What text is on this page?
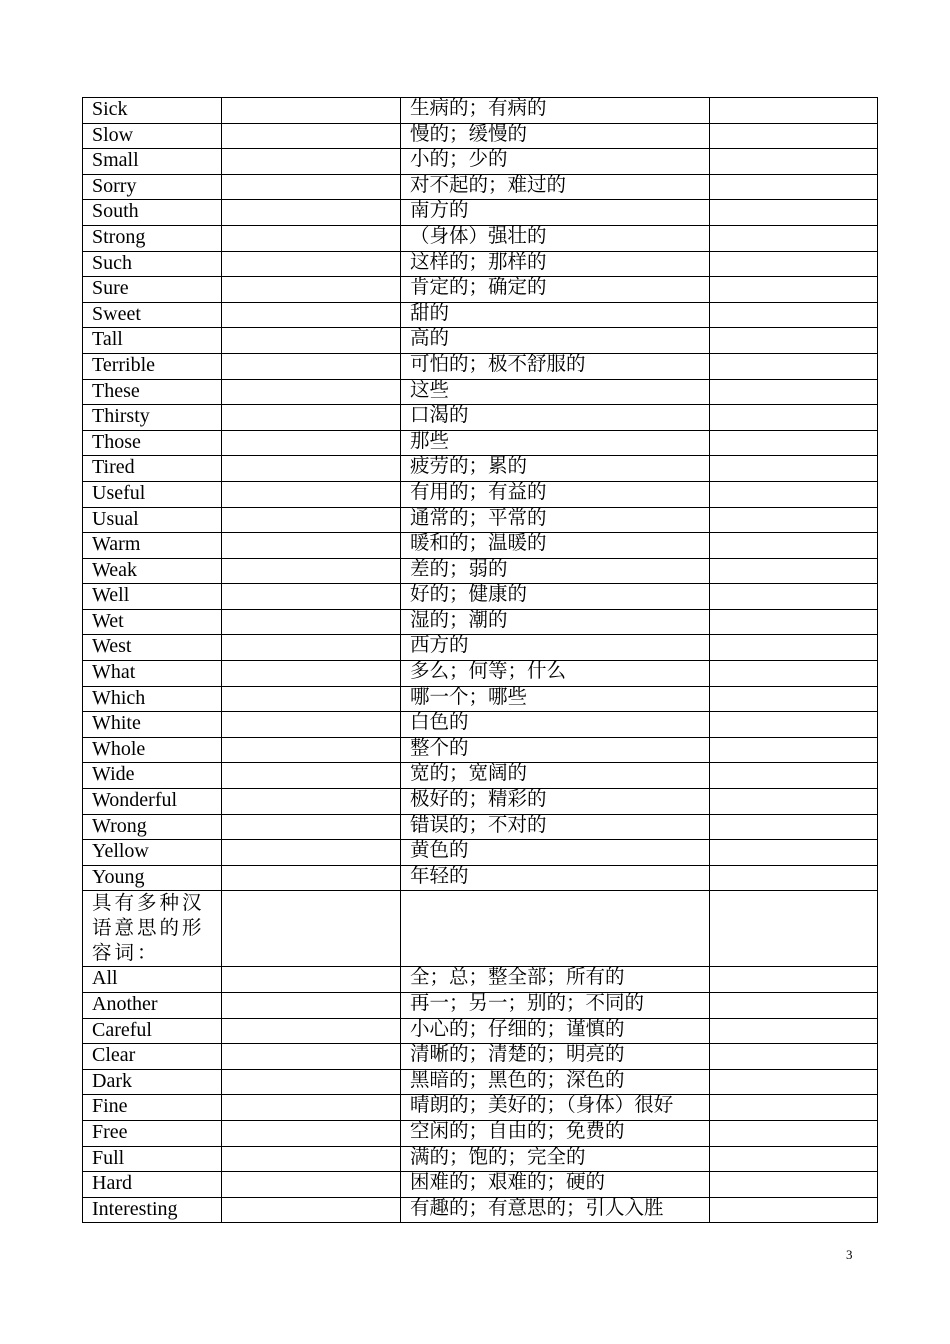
Sick		生病的；有病的	
Slow		慢的；缓慢的	
Small		小的；少的	
Sorry		对不起的；难过的	
South		南方的	
Strong		（身体）强壮的	
Such		这样的；那样的	
Sure		肯定的；确定的	
Sweet		甜的	
Tall		高的	
Terrible		可怕的；极不舒服的	
These		这些	
Thirsty		口渴的	
Those		那些	
Tired		疲劳的；累的	
Useful		有用的；有益的	
Usual		通常的；平常的	
Warm		暖和的；温暖的	
Weak		差的；弱的	
Well		好的；健康的	
Wet		湿的；潮的	
West		西方的	
What		多么；何等；什么	
Which		哪一个；哪些	
White		白色的	
Whole		整个的	
Wide		宽的；宽阔的	
Wonderful		极好的；精彩的	
Wrong		错误的；不对的	
Yellow		黄色的	
Young		年轻的	

具有多种汉语意思的形容词：			

All		全；总；整全部；所有的	
Another		再一；另一；别的；不同的	
Careful		小心的；仔细的；谨慎的	
Clear		清晰的；清楚的；明亮的	
Dark		黑暗的；黑色的；深色的	
Fine		晴朗的；美好的；（身体）很好	
Free		空闲的；自由的；免费的	
Full		满的；饱的；完全的	
Hard		困难的；艰难的；硬的	
Interesting		有趣的；有意思的；引人入胜	
3
